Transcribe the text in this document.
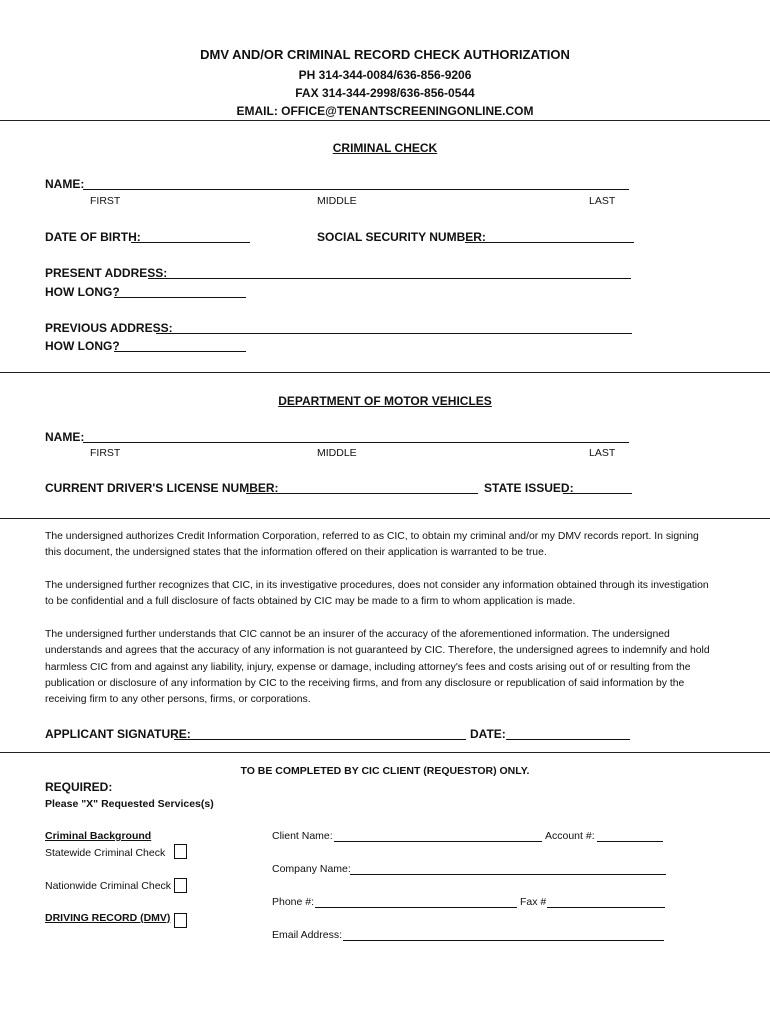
DMV AND/OR CRIMINAL RECORD CHECK AUTHORIZATION
PH 314-344-0084/636-856-9206
FAX 314-344-2998/636-856-0544
EMAIL: OFFICE@TENANTSCREENINGONLINE.COM
CRIMINAL CHECK
NAME:
FIRST	MIDDLE	LAST
DATE OF BIRTH:	SOCIAL SECURITY NUMBER:
PRESENT ADDRESS:
HOW LONG?
PREVIOUS ADDRESS:
HOW LONG?
DEPARTMENT OF MOTOR VEHICLES
NAME:
FIRST	MIDDLE	LAST
CURRENT DRIVER'S LICENSE NUMBER:	STATE ISSUED:
The undersigned authorizes Credit Information Corporation, referred to as CIC, to obtain my criminal and/or my DMV records report. In signing
this document, the undersigned states that the information offered on their application is warranted to be true.
The undersigned further recognizes that CIC, in its investigative procedures, does not consider any information obtained through its investigation
to be confidential and a full disclosure of facts obtained by CIC may be made to a firm to whom application is made.
The undersigned further understands that CIC cannot be an insurer of the accuracy of the aforementioned information. The undersigned
understands and agrees that the accuracy of any information is not guaranteed by CIC. Therefore, the undersigned agrees to indemnify and hold
harmless CIC from and against any liability, injury, expense or damage, including attorney's fees and costs arising out of or resulting from the
publication or disclosure of any information by CIC to the receiving firms, and from any disclosure or republication of said information by the
receiving firm to any other persons, firms, or corporations.
APPLICANT SIGNATURE:	DATE:
TO BE COMPLETED BY CIC CLIENT (REQUESTOR) ONLY.
REQUIRED:
Please "X" Requested Services(s)
Criminal Background
Statewide Criminal Check
Nationwide Criminal Check
DRIVING RECORD (DMV)
Client Name:	Account #:
Company Name:
Phone #:	Fax #
Email Address:
